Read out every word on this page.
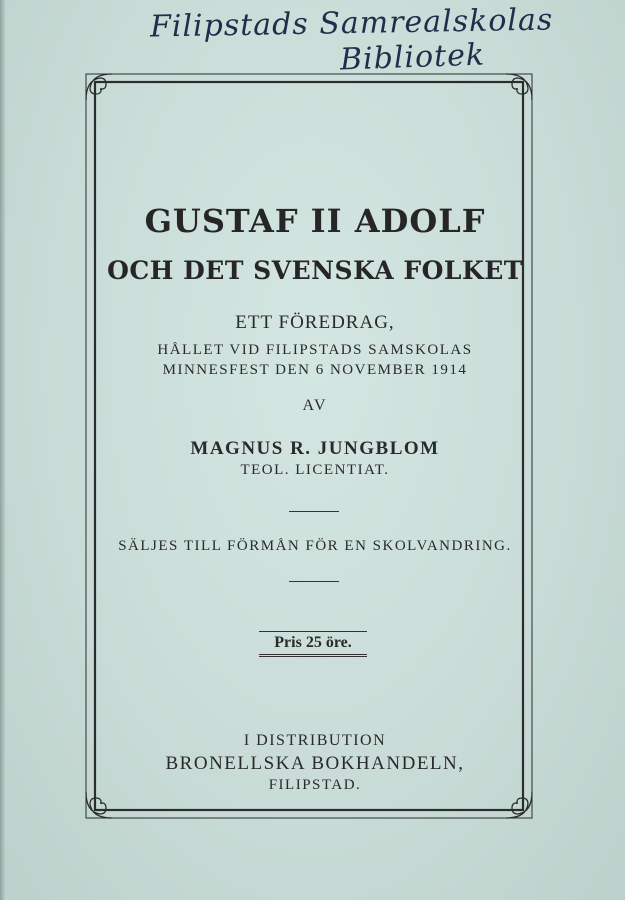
Filipstads Samrealskolas
Bibliotek
GUSTAF II ADOLF
OCH DET SVENSKA FOLKET
ETT FÖREDRAG,
HÅLLET VID FILIPSTADS SAMSKOLAS
MINNESFEST DEN 6 NOVEMBER 1914
AV
MAGNUS R. JUNGBLOM
TEOL. LICENTIAT.
SÄLJES TILL FÖRMÅN FÖR EN SKOLVANDRING.
Pris 25 öre.
I DISTRIBUTION
BRONELLSKA BOKHANDELN,
FILIPSTAD.
